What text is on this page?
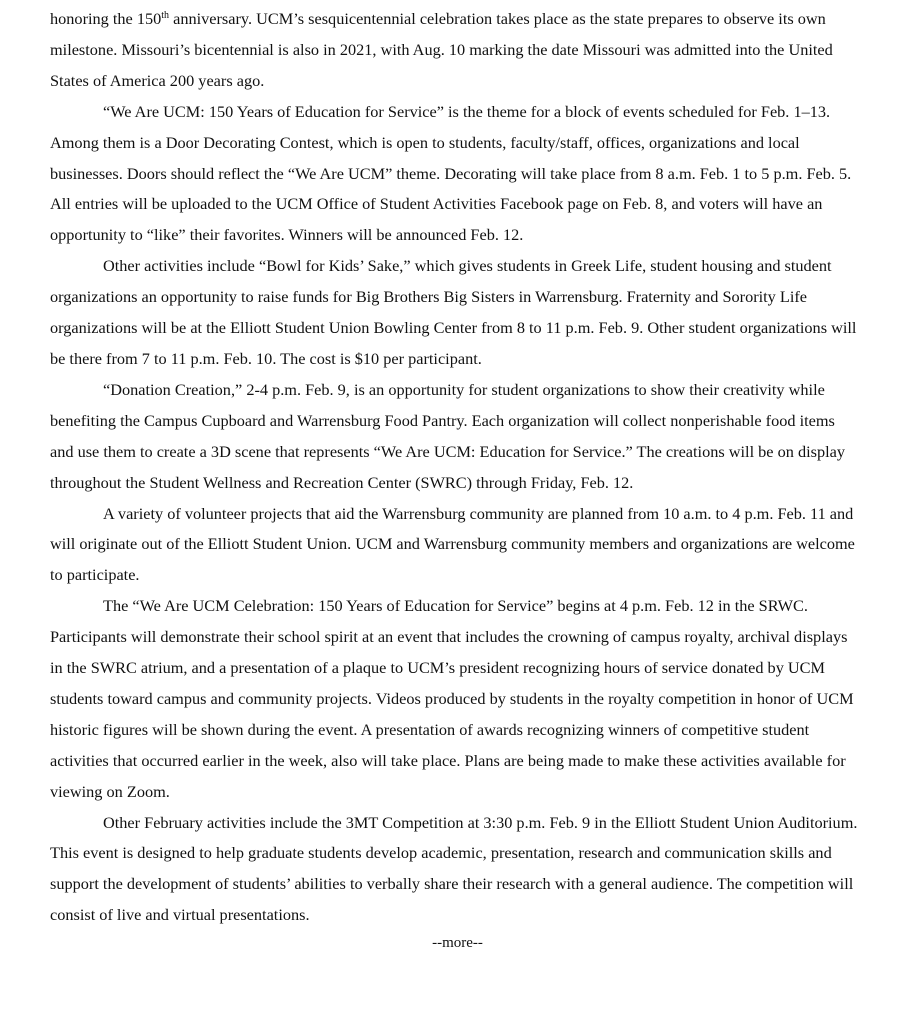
honoring the 150th anniversary. UCM’s sesquicentennial celebration takes place as the state prepares to observe its own milestone. Missouri’s bicentennial is also in 2021, with Aug. 10 marking the date Missouri was admitted into the United States of America 200 years ago.

“We Are UCM: 150 Years of Education for Service” is the theme for a block of events scheduled for Feb. 1–13. Among them is a Door Decorating Contest, which is open to students, faculty/staff, offices, organizations and local businesses. Doors should reflect the “We Are UCM” theme. Decorating will take place from 8 a.m. Feb. 1 to 5 p.m. Feb. 5. All entries will be uploaded to the UCM Office of Student Activities Facebook page on Feb. 8, and voters will have an opportunity to “like” their favorites. Winners will be announced Feb. 12.

Other activities include “Bowl for Kids’ Sake,” which gives students in Greek Life, student housing and student organizations an opportunity to raise funds for Big Brothers Big Sisters in Warrensburg. Fraternity and Sorority Life organizations will be at the Elliott Student Union Bowling Center from 8 to 11 p.m. Feb. 9. Other student organizations will be there from 7 to 11 p.m. Feb. 10. The cost is $10 per participant.

“Donation Creation,” 2-4 p.m. Feb. 9, is an opportunity for student organizations to show their creativity while benefiting the Campus Cupboard and Warrensburg Food Pantry. Each organization will collect nonperishable food items and use them to create a 3D scene that represents “We Are UCM: Education for Service.” The creations will be on display throughout the Student Wellness and Recreation Center (SWRC) through Friday, Feb. 12.

A variety of volunteer projects that aid the Warrensburg community are planned from 10 a.m. to 4 p.m. Feb. 11 and will originate out of the Elliott Student Union. UCM and Warrensburg community members and organizations are welcome to participate.

The “We Are UCM Celebration: 150 Years of Education for Service” begins at 4 p.m. Feb. 12 in the SRWC. Participants will demonstrate their school spirit at an event that includes the crowning of campus royalty, archival displays in the SWRC atrium, and a presentation of a plaque to UCM’s president recognizing hours of service donated by UCM students toward campus and community projects. Videos produced by students in the royalty competition in honor of UCM historic figures will be shown during the event. A presentation of awards recognizing winners of competitive student activities that occurred earlier in the week, also will take place. Plans are being made to make these activities available for viewing on Zoom.

Other February activities include the 3MT Competition at 3:30 p.m. Feb. 9 in the Elliott Student Union Auditorium. This event is designed to help graduate students develop academic, presentation, research and communication skills and support the development of students’ abilities to verbally share their research with a general audience. The competition will consist of live and virtual presentations.

--more--
